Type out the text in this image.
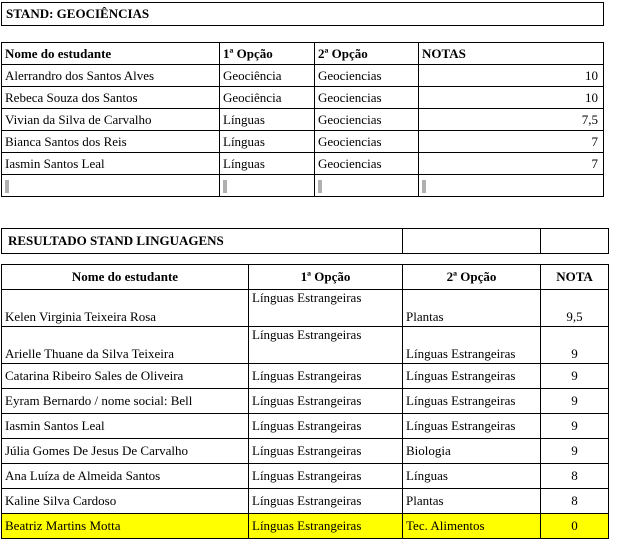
STAND: GEOCIÊNCIAS				

Nome do estudante	1ª Opção	2ª Opção	NOTAS	
Alerrandro dos Santos Alves	Geociência	Geociencias	10	
Rebeca Souza dos Santos	Geociência	Geociencias	10	
Vivian da Silva de Carvalho	Línguas	Geociencias	7,5	
Bianca Santos dos Reis	Línguas	Geociencias	7	
Iasmin Santos Leal	Línguas	Geociencias	7	

RESULTADO STAND LINGUAGENS			

Nome do estudante	1ª Opção	2ª Opção	NOTA
Kelen Virginia Teixeira Rosa	Línguas Estrangeiras	Plantas	9,5
Arielle Thuane da Silva Teixeira	Línguas Estrangeiras	Línguas Estrangeiras	9
Catarina Ribeiro Sales de Oliveira	Línguas Estrangeiras	Línguas Estrangeiras	9
Eyram Bernardo / nome social: Bell	Línguas Estrangeiras	Línguas Estrangeiras	9
Iasmin Santos Leal	Línguas Estrangeiras	Línguas Estrangeiras	9
Júlia Gomes De Jesus De Carvalho	Línguas Estrangeiras	Biologia	9
Ana Luíza de Almeida Santos	Línguas Estrangeiras	Línguas	8
Kaline Silva Cardoso	Línguas Estrangeiras	Plantas	8
Beatriz Martins Motta	Línguas Estrangeiras	Tec. Alimentos	0
